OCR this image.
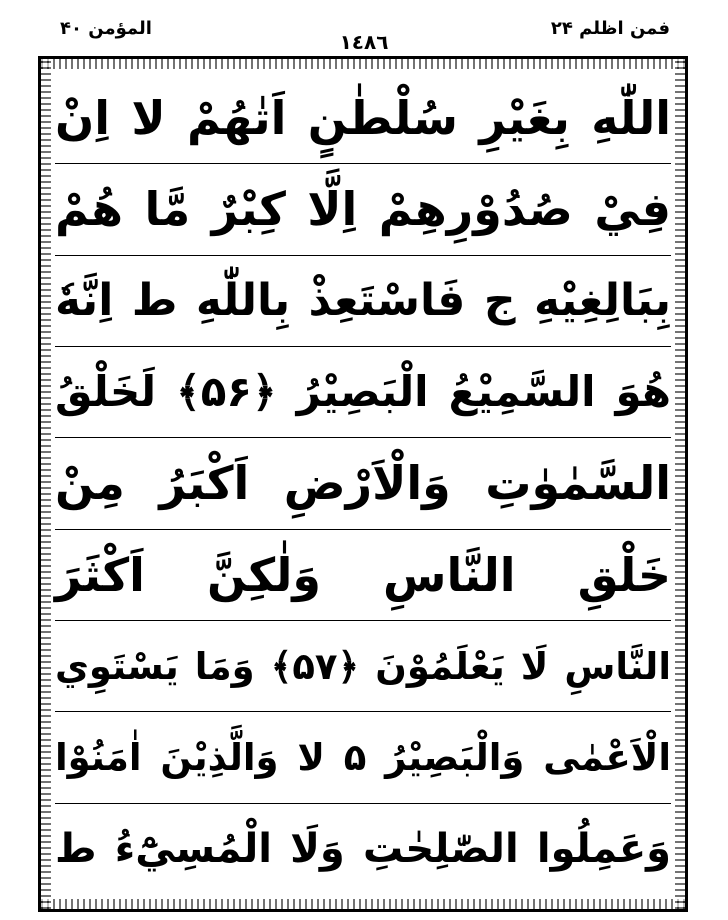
المؤمن ۴۰
١٤٨٦
فمن اظلم ۲۴
اللّٰهِ بِغَيْرِ سُلْطٰنٍ اَتٰهُمْ لا اِنْ
فِيْ صُدُوْرِهِمْ اِلَّا كِبْرٌ مَّا هُمْ
بِبَالِغِيْهِ ج فَاسْتَعِذْ بِاللّٰهِ ط اِنَّهٗ
هُوَ السَّمِيْعُ الْبَصِيْرُ ﴿۵۶﴾ لَخَلْقُ
السَّمٰوٰتِ وَالْاَرْضِ اَكْبَرُ مِنْ
خَلْقِ النَّاسِ وَلٰكِنَّ اَكْثَرَ
النَّاسِ لَا يَعْلَمُوْنَ ﴿۵۷﴾ وَمَا يَسْتَوِي
الْاَعْمٰى وَالْبَصِيْرُ ۵ لا وَالَّذِيْنَ اٰمَنُوْا
وَعَمِلُوا الصّٰلِحٰتِ وَلَا الْمُسِيْٓءُ ط
